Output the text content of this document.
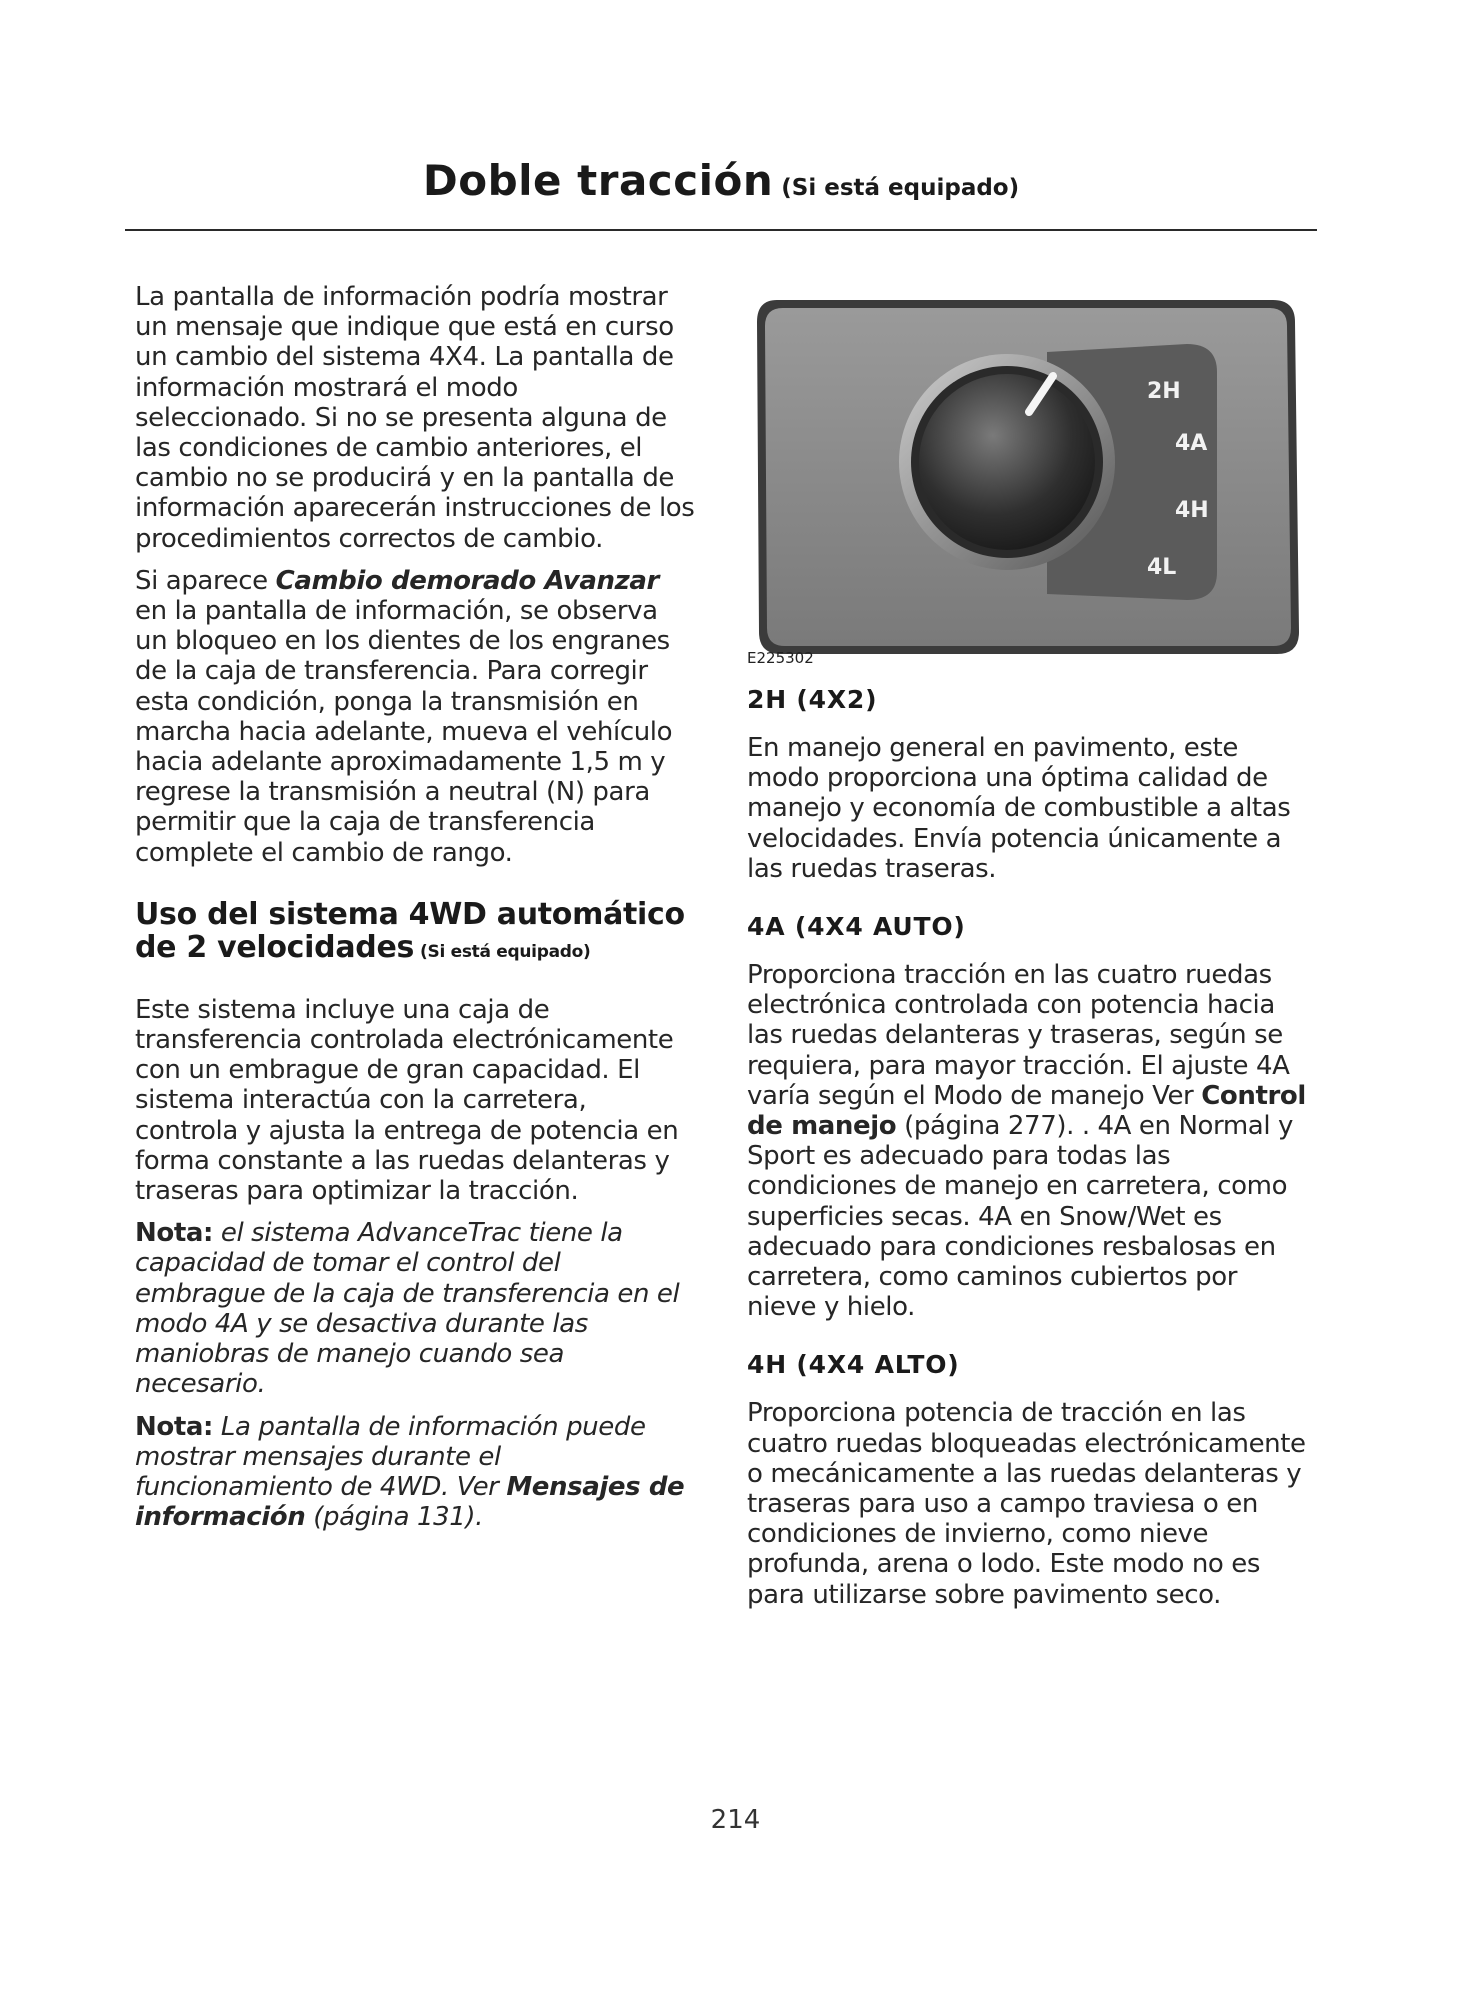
Doble tracción (Si está equipado)

La pantalla de información podría mostrar un mensaje que indique que está en curso un cambio del sistema 4X4. La pantalla de información mostrará el modo seleccionado. Si no se presenta alguna de las condiciones de cambio anteriores, el cambio no se producirá y en la pantalla de información aparecerán instrucciones de los procedimientos correctos de cambio.

Si aparece Cambio demorado Avanzar en la pantalla de información, se observa un bloqueo en los dientes de los engranes de la caja de transferencia. Para corregir esta condición, ponga la transmisión en marcha hacia adelante, mueva el vehículo hacia adelante aproximadamente 1,5 m y regrese la transmisión a neutral (N) para permitir que la caja de transferencia complete el cambio de rango.

Uso del sistema 4WD automático de 2 velocidades (Si está equipado)

Este sistema incluye una caja de transferencia controlada electrónicamente con un embrague de gran capacidad. El sistema interactúa con la carretera, controla y ajusta la entrega de potencia en forma constante a las ruedas delanteras y traseras para optimizar la tracción.

Nota: el sistema AdvanceTrac tiene la capacidad de tomar el control del embrague de la caja de transferencia en el modo 4A y se desactiva durante las maniobras de manejo cuando sea necesario.

Nota: La pantalla de información puede mostrar mensajes durante el funcionamiento de 4WD. Ver Mensajes de información (página 131).

2H
4A
4H
4L
E225302

2H (4X2)

En manejo general en pavimento, este modo proporciona una óptima calidad de manejo y economía de combustible a altas velocidades. Envía potencia únicamente a las ruedas traseras.

4A (4X4 AUTO)

Proporciona tracción en las cuatro ruedas electrónica controlada con potencia hacia las ruedas delanteras y traseras, según se requiera, para mayor tracción. El ajuste 4A varía según el Modo de manejo Ver Control de manejo (página 277). . 4A en Normal y Sport es adecuado para todas las condiciones de manejo en carretera, como superficies secas. 4A en Snow/Wet es adecuado para condiciones resbalosas en carretera, como caminos cubiertos por nieve y hielo.

4H (4X4 ALTO)

Proporciona potencia de tracción en las cuatro ruedas bloqueadas electrónicamente o mecánicamente a las ruedas delanteras y traseras para uso a campo traviesa o en condiciones de invierno, como nieve profunda, arena o lodo. Este modo no es para utilizarse sobre pavimento seco.

214
